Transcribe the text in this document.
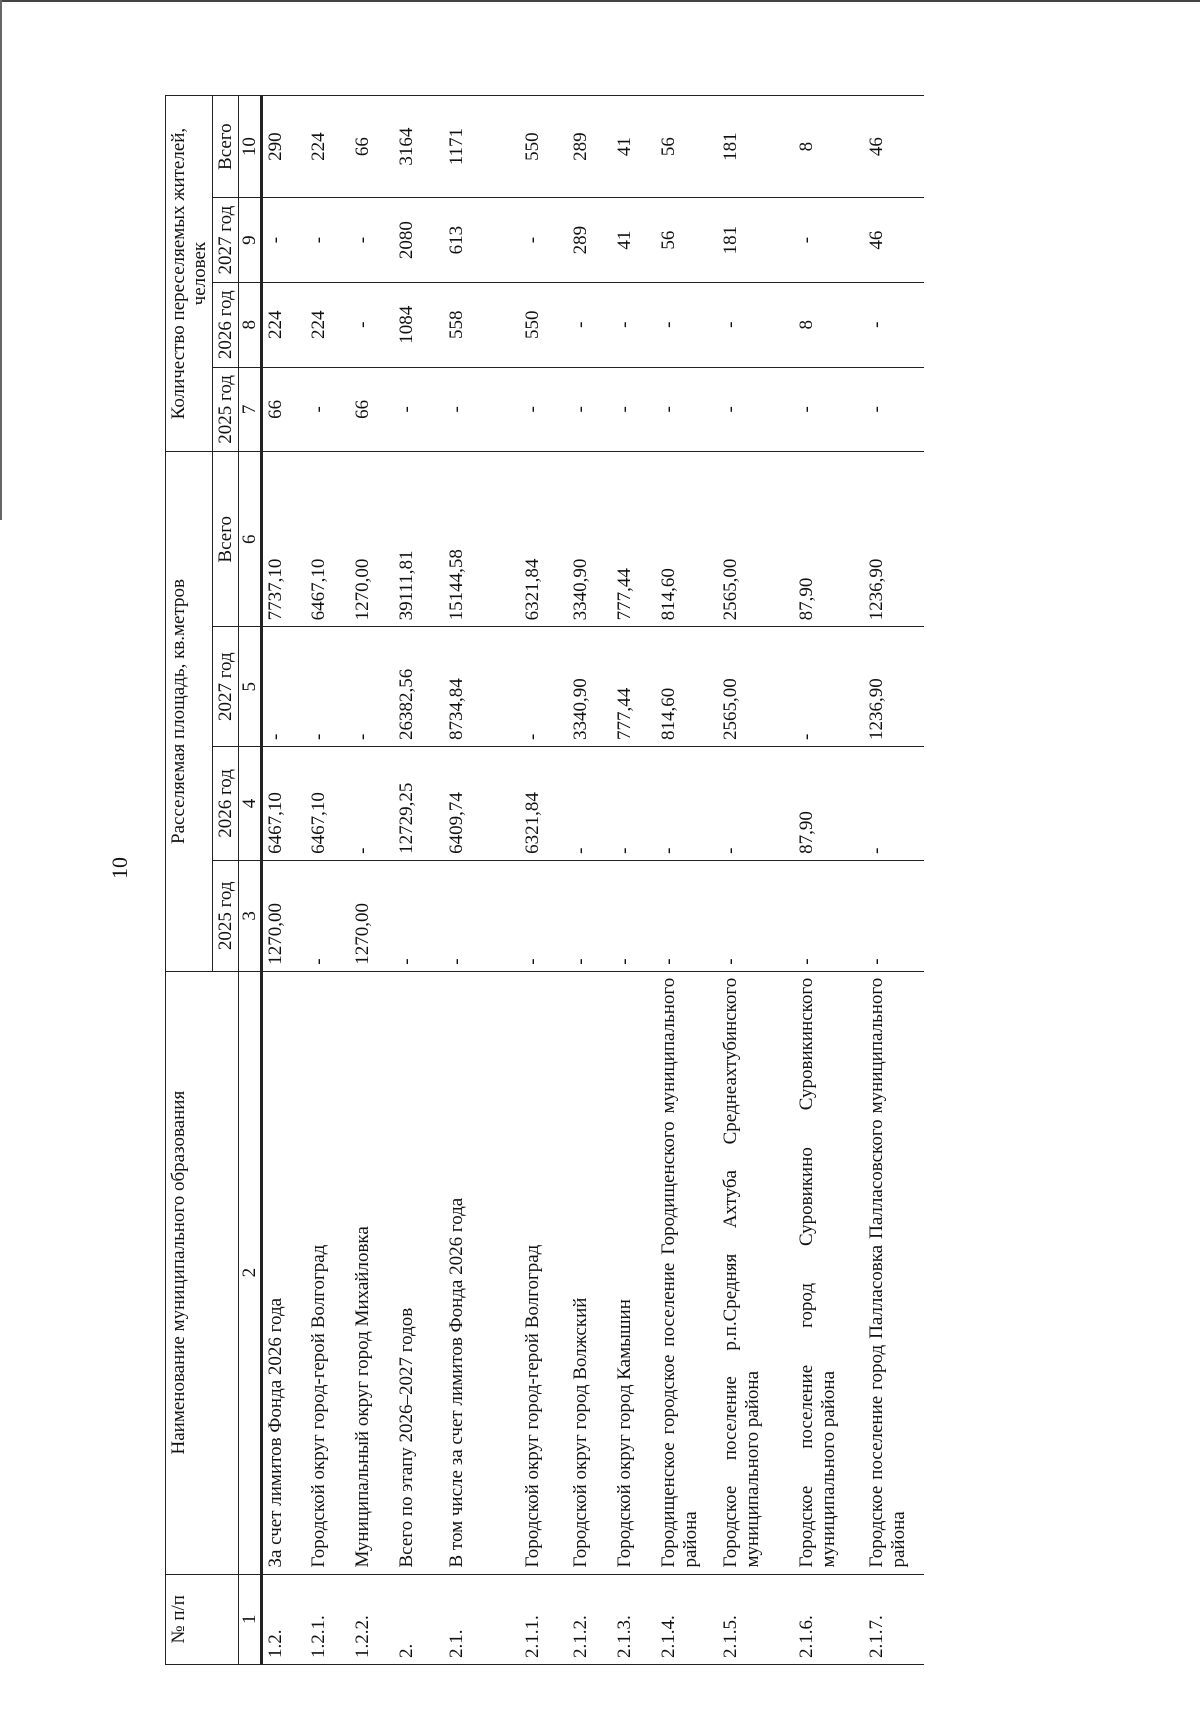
10
№ п/п	Наименование муниципального образования	Расселяемая площадь, кв.метров				Количество переселяемых жителей, человек			
		2025 год	2026 год	2027 год	Всего	2025 год	2026 год	2027 год	Всего
1	2	3	4	5	6	7	8	9	10
1.2.	За счет лимитов Фонда 2026 года	1270,00	6467,10	-	7737,10	66	224	-	290
1.2.1.	Городской округ город-герой Волгоград	-	6467,10	-	6467,10	-	224	-	224
1.2.2.	Муниципальный округ город Михайловка	1270,00	-	-	1270,00	66	-	-	66
2.	Всего по этапу 2026–2027 годов	-	12729,25	26382,56	39111,81	-	1084	2080	3164
2.1.	В том числе за счет лимитов Фонда 2026 года	-	6409,74	8734,84	15144,58	-	558	613	1171
2.1.1.	Городской округ город-герой Волгоград	-	6321,84	-	6321,84	-	550	-	550
2.1.2.	Городской округ город Волжский	-	-	3340,90	3340,90	-	-	289	289
2.1.3.	Городской округ город Камышин	-	-	777,44	777,44	-	-	41	41
2.1.4.	Городищенское городское поселение Городищенского муниципального района	-	-	814,60	814,60	-	-	56	56
2.1.5.	Городское поселение р.п.Средняя Ахтуба Среднеахтубинского муниципального района	-	-	2565,00	2565,00	-	-	181	181
2.1.6.	Городское поселение город Суровикино Суровикинского муниципального района	-	87,90	-	87,90	-	8	-	8
2.1.7.	Городское поселение город Палласовка Палласовского муниципального района	-	-	1236,90	1236,90	-	-	46	46
